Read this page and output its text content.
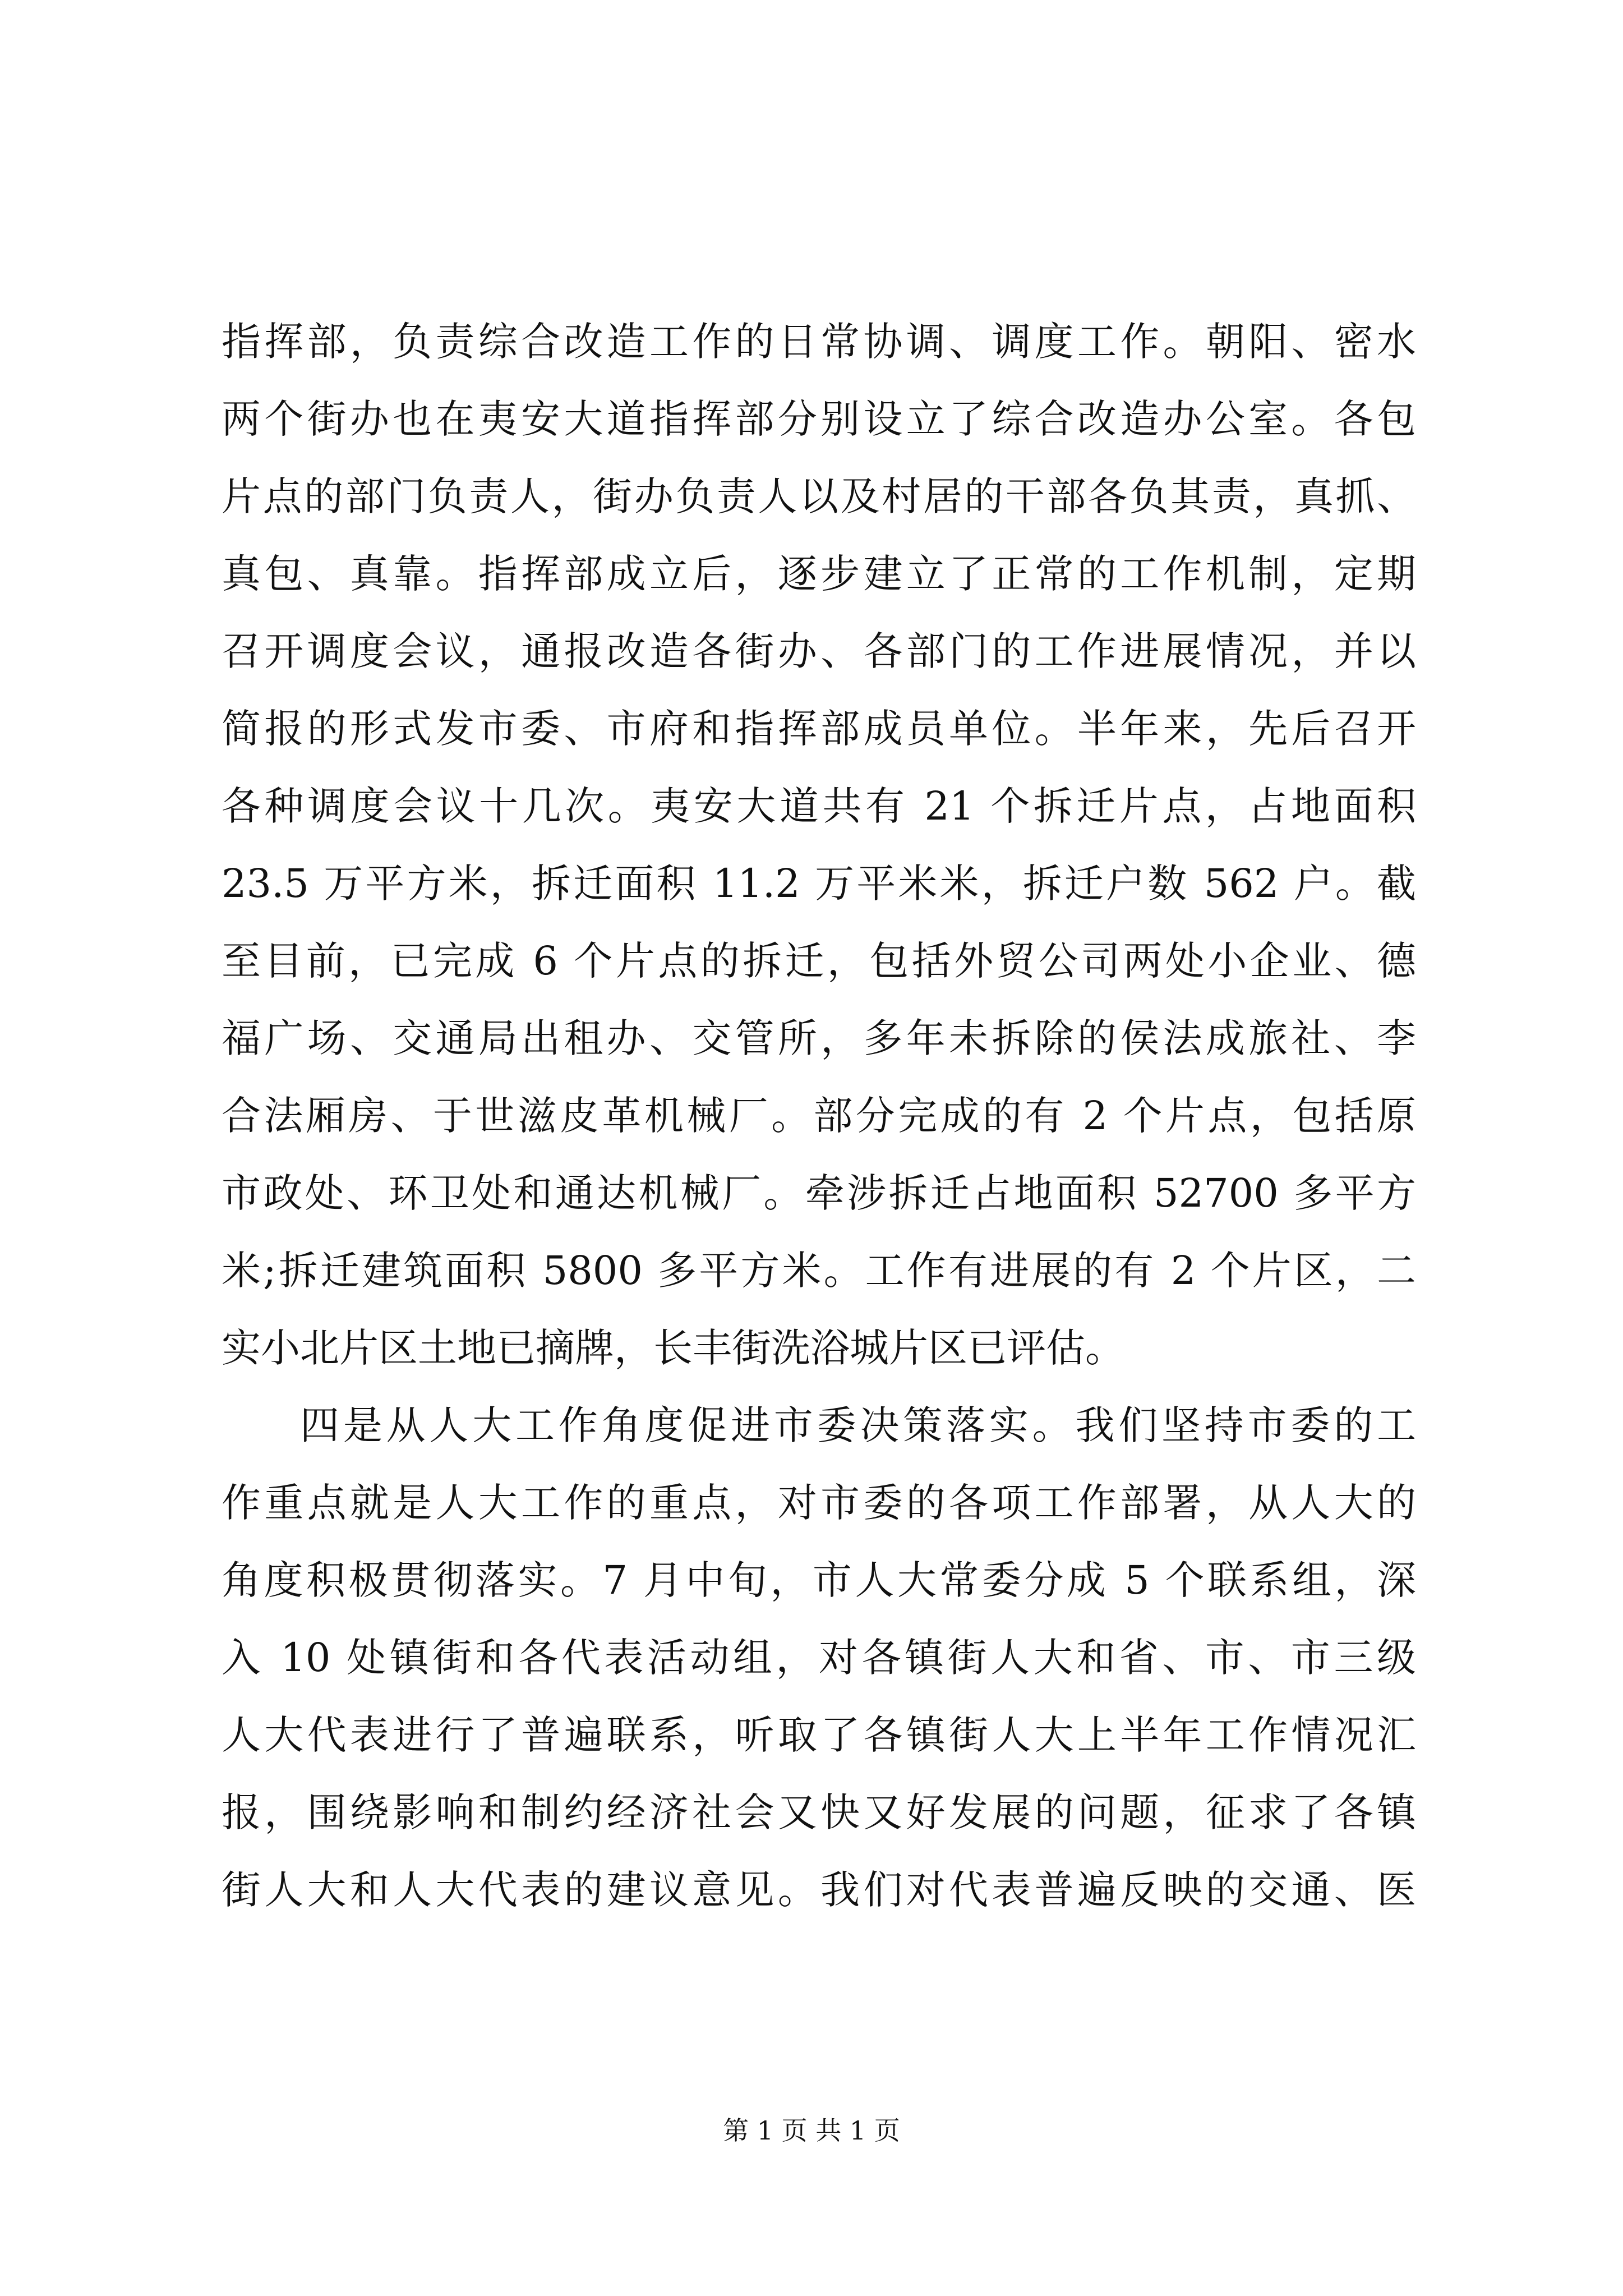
指挥部，负责综合改造工作的日常协调、调度工作。朝阳、密水
两个街办也在夷安大道指挥部分别设立了综合改造办公室。各包
片点的部门负责人，街办负责人以及村居的干部各负其责，真抓、
真包、真靠。指挥部成立后，逐步建立了正常的工作机制，定期
召开调度会议，通报改造各街办、各部门的工作进展情况，并以
简报的形式发市委、市府和指挥部成员单位。半年来，先后召开
各种调度会议十几次。夷安大道共有 21 个拆迁片点，占地面积
23.5 万平方米，拆迁面积 11.2 万平米米，拆迁户数 562 户。截
至目前，已完成 6 个片点的拆迁，包括外贸公司两处小企业、德
福广场、交通局出租办、交管所，多年未拆除的侯法成旅社、李
合法厢房、于世滋皮革机械厂。部分完成的有 2 个片点，包括原
市政处、环卫处和通达机械厂。牵涉拆迁占地面积 52700 多平方
米;拆迁建筑面积 5800 多平方米。工作有进展的有 2 个片区，二
实小北片区土地已摘牌，长丰街洗浴城片区已评估。
四是从人大工作角度促进市委决策落实。我们坚持市委的工
作重点就是人大工作的重点，对市委的各项工作部署，从人大的
角度积极贯彻落实。7 月中旬，市人大常委分成 5 个联系组，深
入 10 处镇街和各代表活动组，对各镇街人大和省、市、市三级
人大代表进行了普遍联系，听取了各镇街人大上半年工作情况汇
报，围绕影响和制约经济社会又快又好发展的问题，征求了各镇
街人大和人大代表的建议意见。我们对代表普遍反映的交通、医
第 1 页 共 1 页
